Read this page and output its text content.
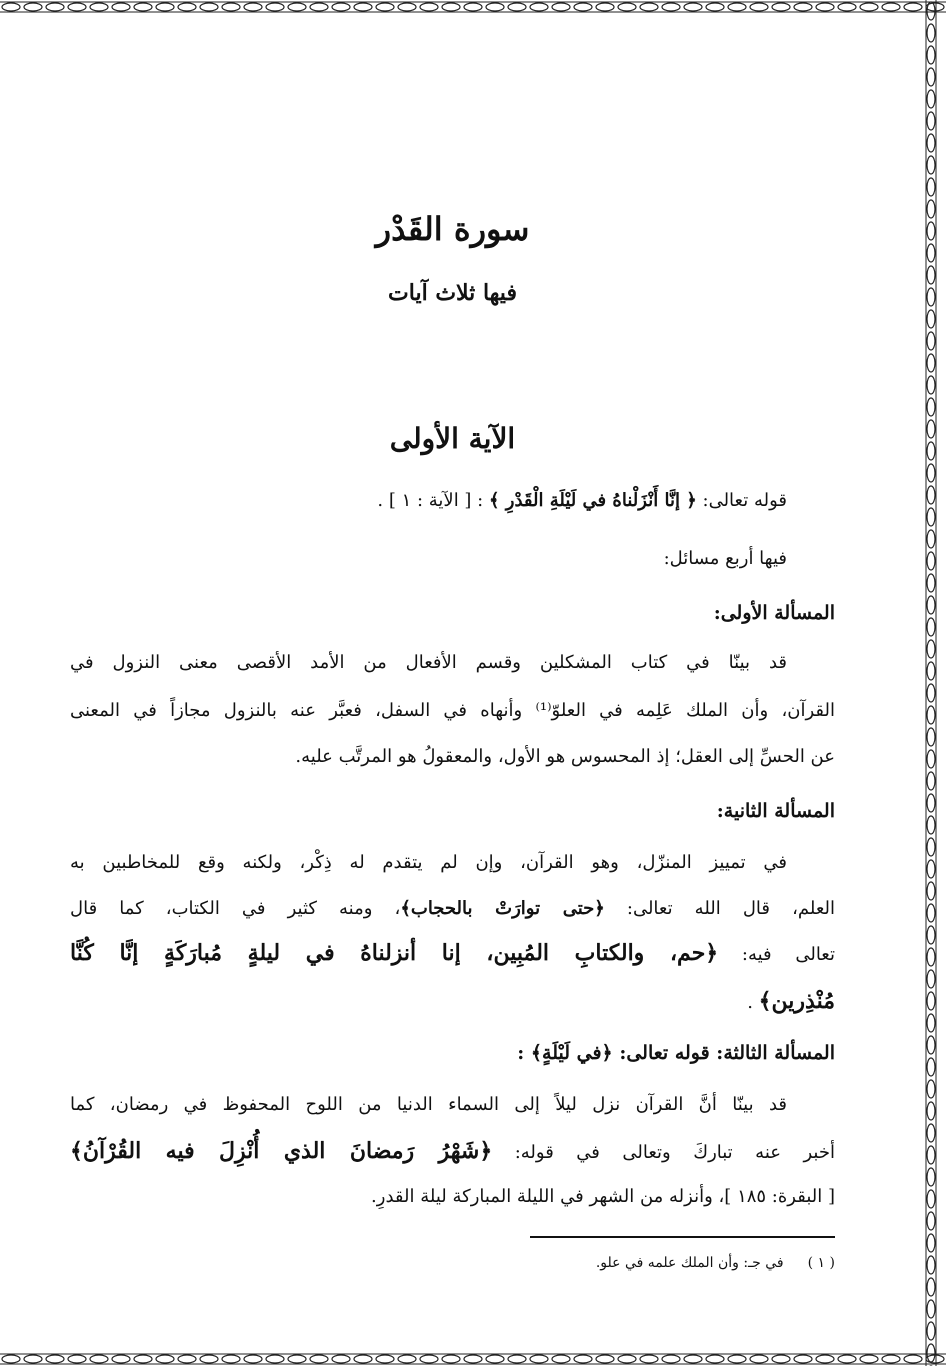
سورة القَدْر
فيها ثلاث آيات
الآية الأولى
قوله تعالى: ﴿ إنَّا أَنْزَلْناهُ في لَيْلَةِ الْقَدْرِ ﴾ : [ الآية : ١ ] .
فيها أربع مسائل:
المسألة الأولى:
قد بينّا في كتاب المشكلين وقسم الأفعال من الأمد الأقصى معنى النزول في
القرآن، وأن الملك عَلِمه في العلوّ⁽¹⁾ وأنهاه في السفل، فعبَّر عنه بالنزول مجازاً في المعنى
عن الحسِّ إلى العقل؛ إذ المحسوس هو الأول، والمعقولُ هو المرتَّب عليه.
المسألة الثانية:
في تمييز المنزّل، وهو القرآن، وإن لم يتقدم له ذِكْر، ولكنه وقع للمخاطبين به
العلم، قال الله تعالى: ﴿حتى توارَتْ بالحجاب﴾، ومنه كثير في الكتاب، كما قال
تعالى فيه: ﴿حم، والكتابِ المُبِين، إنا أنزلناهُ في ليلةٍ مُبارَكَةٍ إنَّا كُنَّا
مُنْذِرين﴾ .
المسألة الثالثة: قوله تعالى: ﴿في لَيْلَةٍ﴾ :
قد بينّا أنَّ القرآن نزل ليلاً إلى السماء الدنيا من اللوح المحفوظ في رمضان، كما
أخبر عنه تباركَ وتعالى في قوله: ﴿شَهْرُ رَمضانَ الذي أُنْزِلَ فيه القُرْآنُ﴾
[ البقرة: ١٨٥ ]، وأنزله من الشهر في الليلة المباركة ليلة القدرِ.
( ١ )في جـ: وأن الملك علمه في علو.
